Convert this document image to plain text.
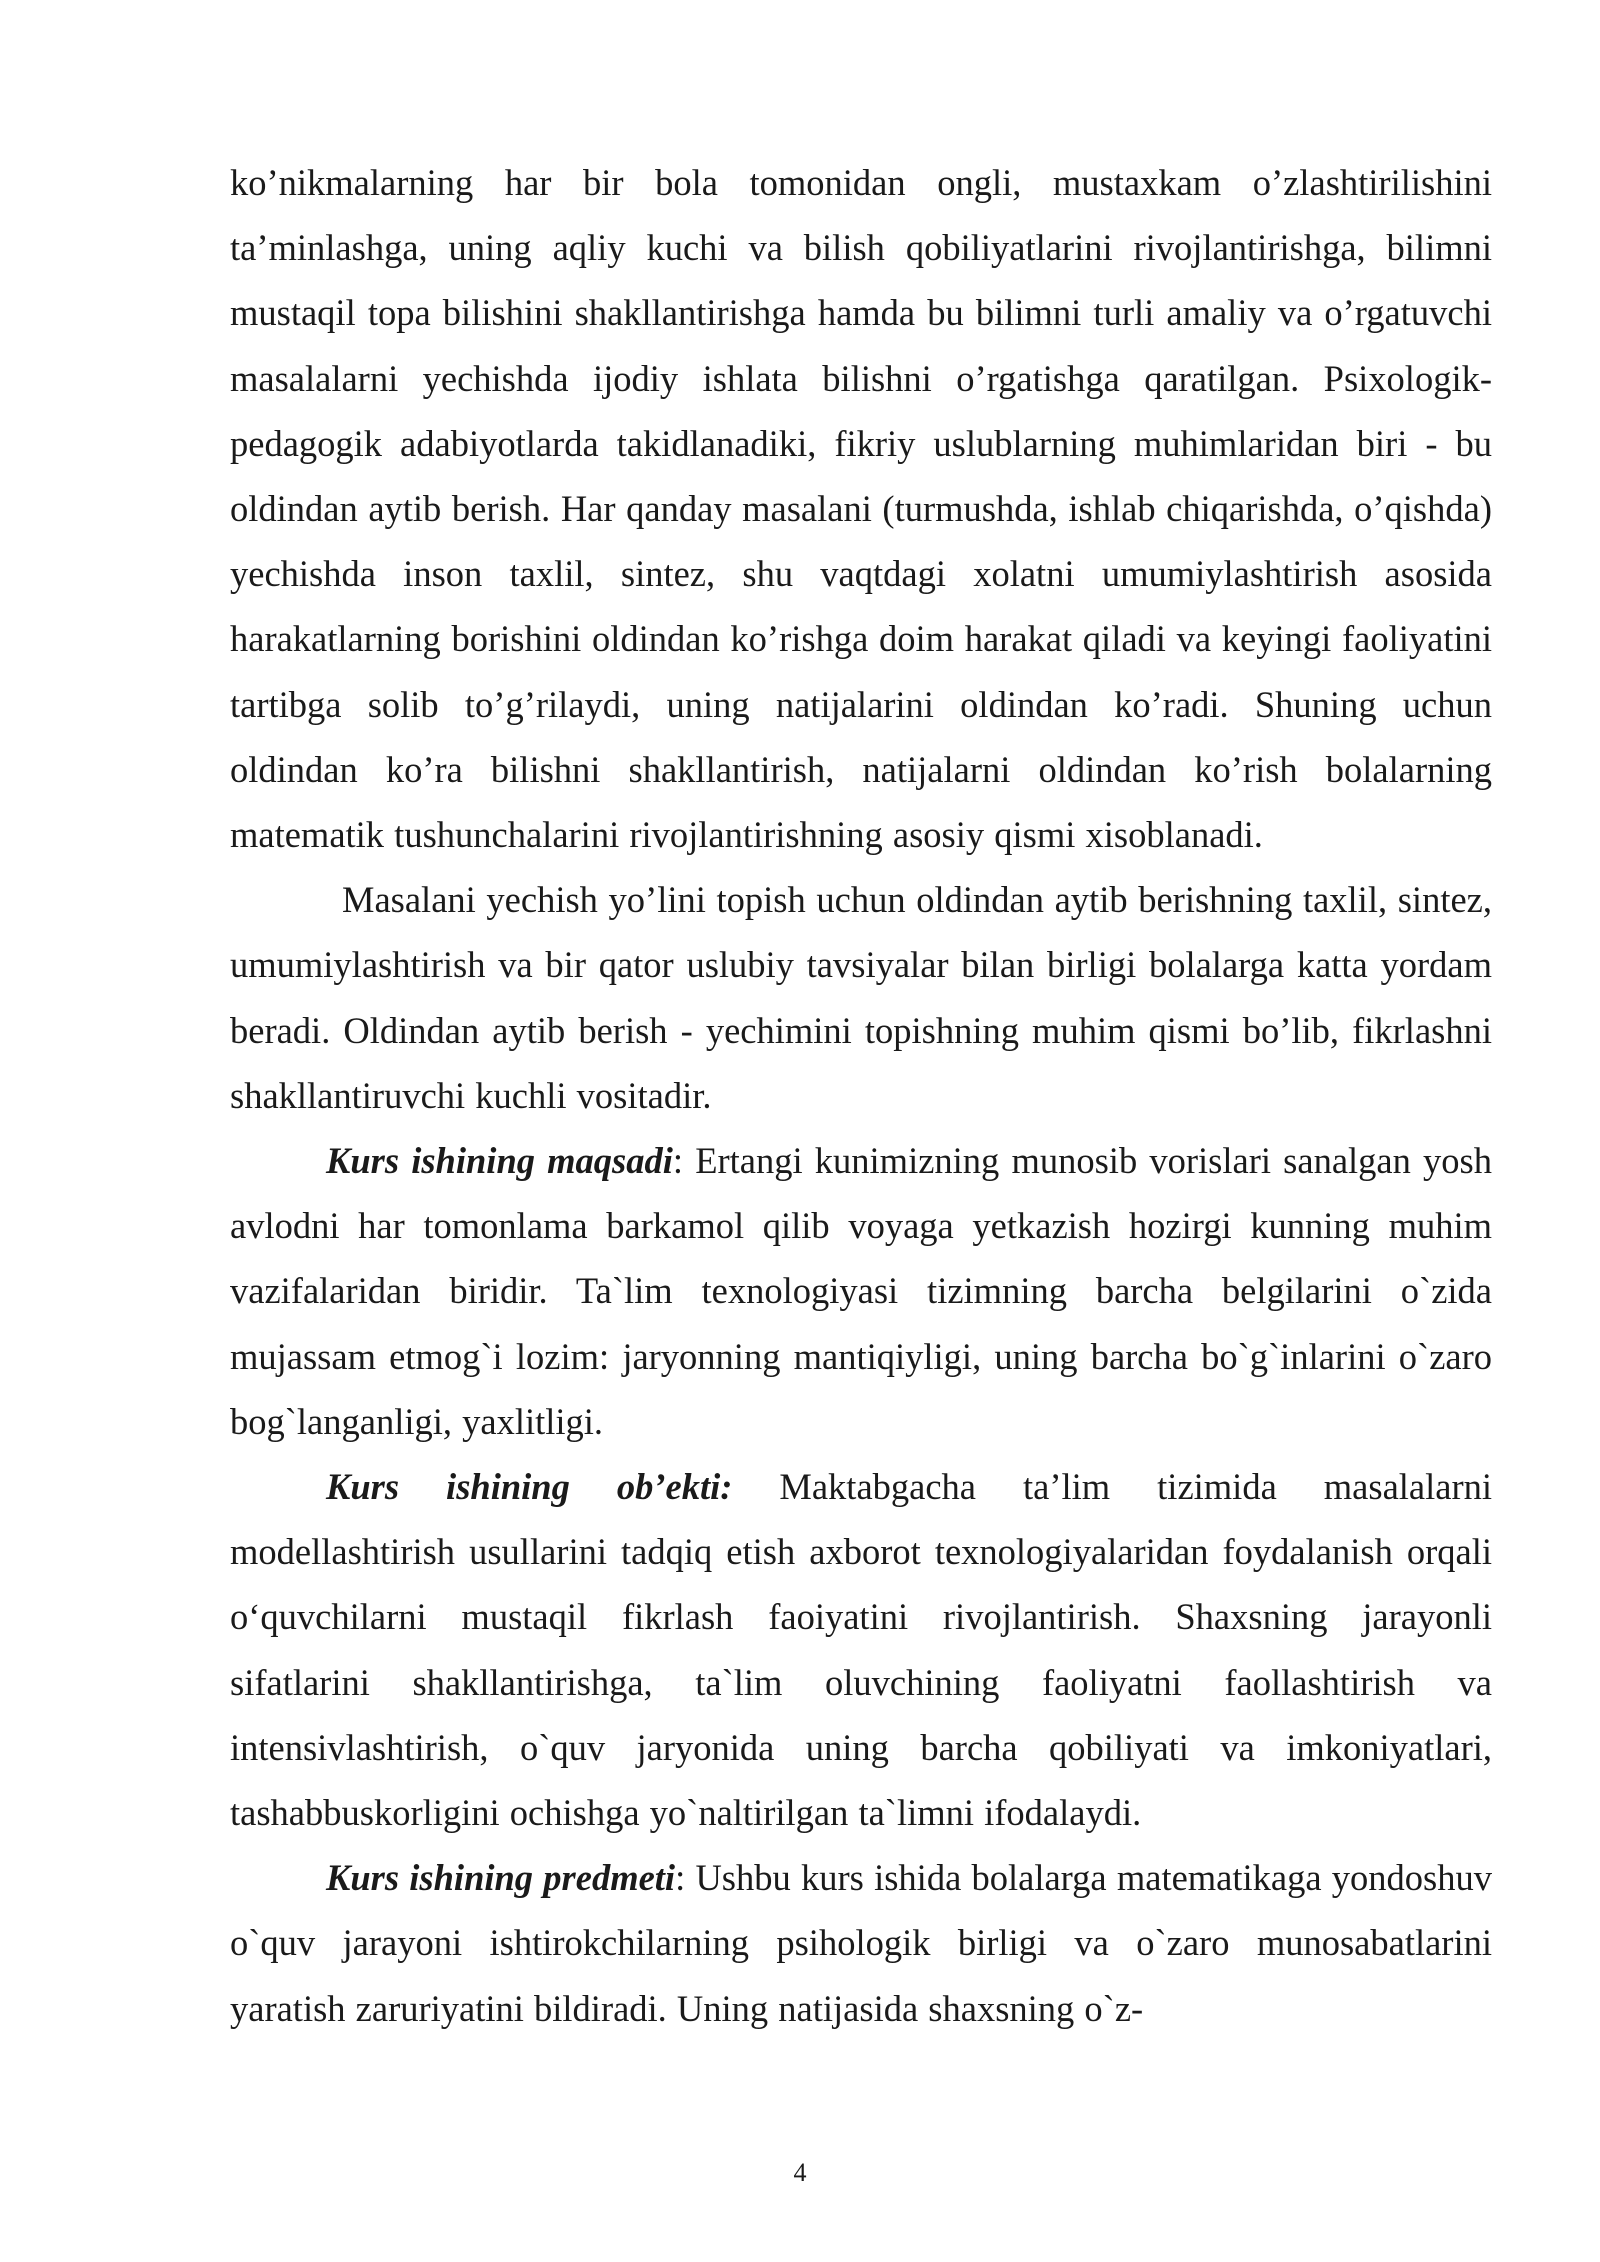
ko’nikmalarning har bir bola tomonidan ongli, mustaxkam o’zlashtirilishini ta’minlashga, uning aqliy kuchi va bilish qobiliyatlarini rivojlantirishga, bilimni mustaqil topa bilishini shakllantirishga hamda bu bilimni turli amaliy va o’rgatuvchi masalalarni yechishda ijodiy ishlata bilishni o’rgatishga qaratilgan. Psixologik-pedagogik adabiyotlarda takidlanadiki, fikriy uslublarning muhimlaridan biri - bu oldindan aytib berish. Har qanday masalani (turmushda, ishlab chiqarishda, o’qishda) yechishda inson taxlil, sintez, shu vaqtdagi xolatni umumiylashtirish asosida harakatlarning borishini oldindan ko’rishga doim harakat qiladi va keyingi faoliyatini tartibga solib to’g’rilaydi, uning natijalarini oldindan ko’radi. Shuning uchun oldindan ko’ra bilishni shakllantirish, natijalarni oldindan ko’rish bolalarning matematik tushunchalarini rivojlantirishning asosiy qismi xisoblanadi.

Masalani yechish yo’lini topish uchun oldindan aytib berishning taxlil, sintez, umumiylashtirish va bir qator uslubiy tavsiyalar bilan birligi bolalarga katta yordam beradi. Oldindan aytib berish - yechimini topishning muhim qismi bo’lib, fikrlashni shakllantiruvchi kuchli vositadir.

Kurs ishining maqsadi: Ertangi kunimizning munosib vorislari sanalgan yosh avlodni har tomonlama barkamol qilib voyaga yetkazish hozirgi kunning muhim vazifalaridan biridir. Ta`lim texnologiyasi tizimning barcha belgilarini o`zida mujassam etmog`i lozim: jaryonning mantiqiyligi, uning barcha bo`g`inlarini o`zaro bog`langanligi, yaxlitligi.

Kurs ishining ob’ekti: Maktabgacha ta’lim tizimida masalalarni modellashtirish usullarini tadqiq etish axborot texnologiyalaridan foydalanish orqali o‘quvchilarni mustaqil fikrlash faoiyatini rivojlantirish. Shaxsning jarayonli sifatlarini shakllantirishga, ta`lim oluvchining faoliyatni faollashtirish va intensivlashtirish, o`quv jaryonida uning barcha qobiliyati va imkoniyatlari, tashabbuskorligini ochishga yo`naltirilgan ta`limni ifodalaydi.

Kurs ishining predmeti: Ushbu kurs ishida bolalarga matematikaga yondoshuv o`quv jarayoni ishtirokchilarning psihologik birligi va o`zaro munosabatlarini yaratish zaruriyatini bildiradi. Uning natijasida shaxsning o`z-

4
